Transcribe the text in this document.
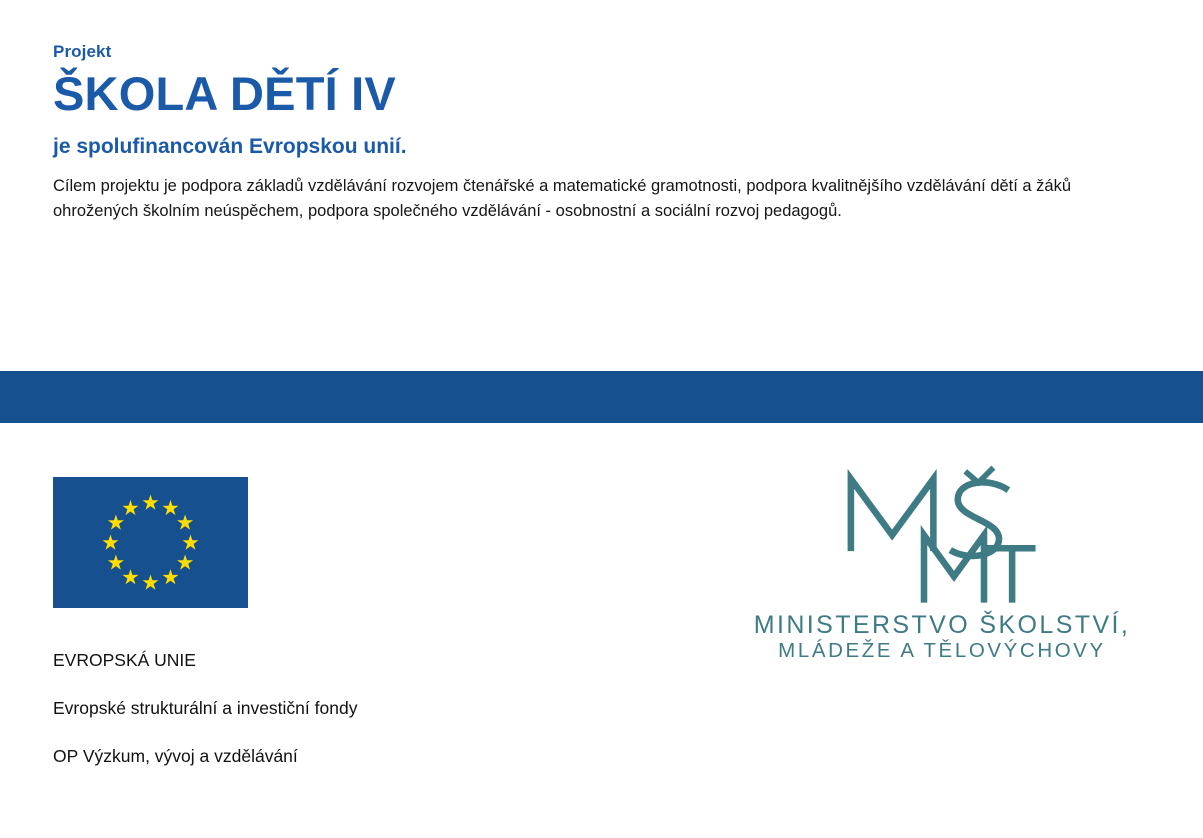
Projekt

ŠKOLA DĚTÍ IV
je spolufinancován Evropskou unií.

Cílem projektu je podpora základů vzdělávání rozvojem čtenářské a matematické gramotnosti, podpora kvalitnějšího vzdělávání dětí a žáků ohrožených školním neúspěchem, podpora společného vzdělávání - osobnostní a sociální rozvoj pedagogů.

EVROPSKÁ UNIE

Evropské strukturální a investiční fondy

OP Výzkum, vývoj a vzdělávání

MINISTERSTVO ŠKOLSTVÍ,
MLÁDEŽE A TĚLOVÝCHOVY
